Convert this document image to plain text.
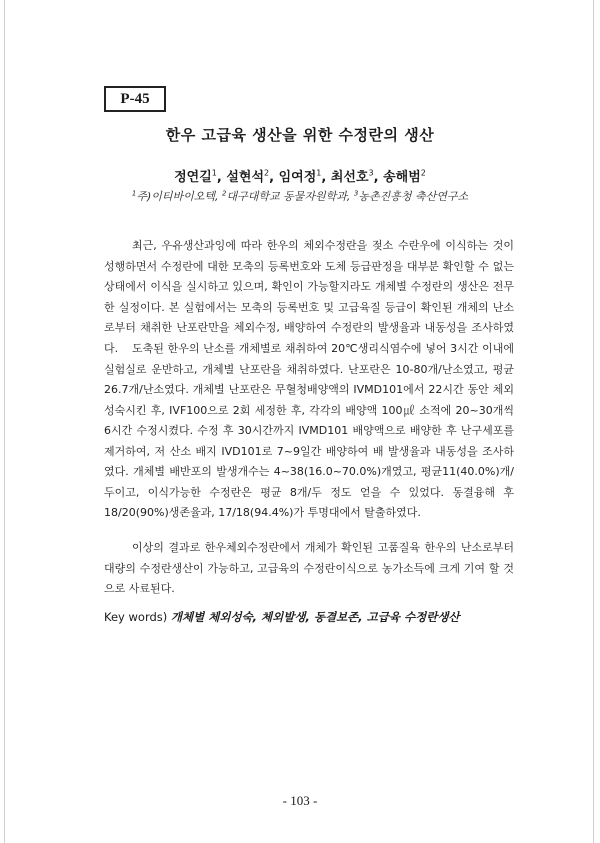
P-45
한우 고급육 생산을 위한 수정란의 생산
정연길$^1$, 설현석$^2$, 임여정$^1$, 최선호$^3$, 송해범$^2$
$^1$주)이티바이오텍, $^2$대구대학교 동물자원학과, $^3$농촌진흥청 축산연구소

최근, 우유생산과잉에 따라 한우의 체외수정란을 젖소 수란우에 이식하는 것이 성행하면서 수정란에 대한 모축의 등록번호와 도체 등급판정을 대부분 확인할 수 없는 상태에서 이식을 실시하고 있으며, 확인이 가능할지라도 개체별 수정란의 생산은 전무한 실정이다. 본 실험에서는 모축의 등록번호 및 고급육질 등급이 확인된 개체의 난소로부터 채취한 난포란만을 체외수정, 배양하여 수정란의 발생율과 내동성을 조사하였다.	도축된 한우의 난소를 개체별로 채취하여 20℃생리식염수에 넣어 3시간 이내에 실험실로 운반하고, 개체별 난포란을 채취하였다. 난포란은 10-80개/난소였고, 평균 26.7개/난소였다. 개체별 난포란은 무혈청배양액의 IVMD101에서 22시간 동안 체외성숙시킨 후, IVF100으로 2회 세정한 후, 각각의 배양액 100㎕ 소적에 20~30개씩 6시간 수정시켰다. 수정 후 30시간까지 IVMD101 배양액으로 배양한 후 난구세포를 제거하여, 저 산소 배지 IVD101로 7~9일간 배양하여 배 발생율과 내동성을 조사하였다. 개체별 배반포의 발생개수는 4~38(16.0~70.0%)개였고, 평균11(40.0%)개/두이고, 이식가능한 수정란은 평균 8개/두 정도 얻을 수 있었다. 동결융해 후 18/20(90%)생존율과, 17/18(94.4%)가 투명대에서 탈출하였다.

이상의 결과로 한우체외수정란에서 개체가 확인된 고품질육 한우의 난소로부터 대량의 수정란생산이 가능하고, 고급육의 수정란이식으로 농가소득에 크게 기여 할 것으로 사료된다.

Key words) 개체별 체외성숙, 체외발생, 동결보존, 고급육 수정란생산
- 103 -
